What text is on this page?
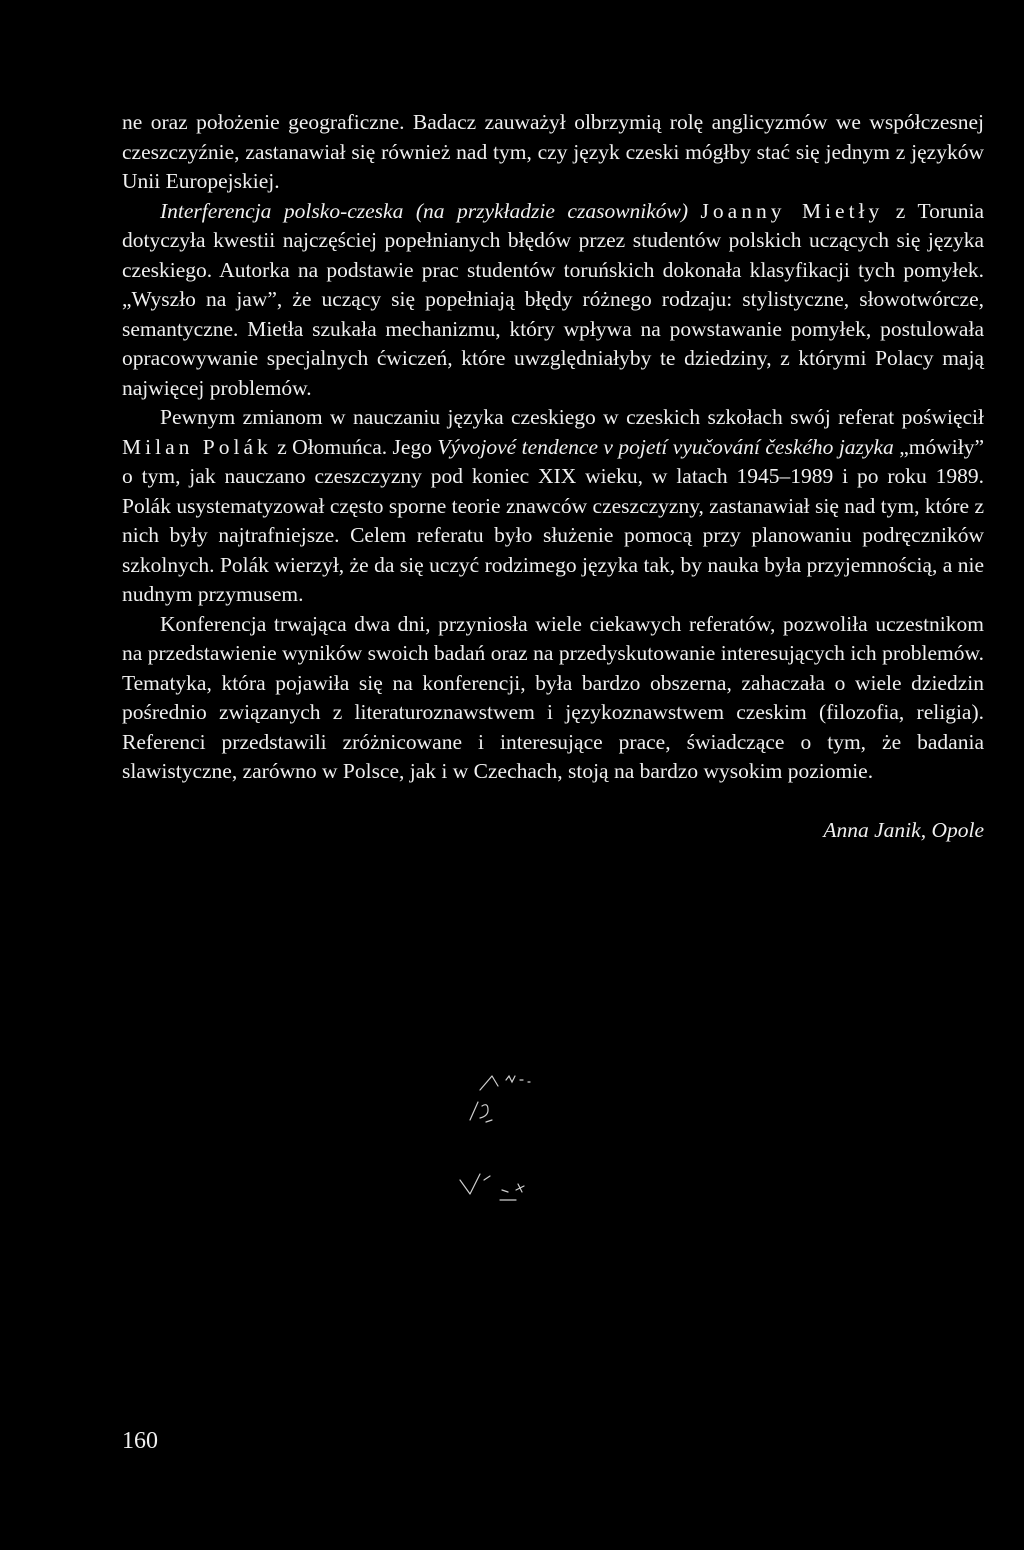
ne oraz położenie geograficzne. Badacz zauważył olbrzymią rolę anglicyzmów we współczesnej czeszczyźnie, zastanawiał się również nad tym, czy język czeski mógłby stać się jednym z języków Unii Europejskiej.

Interferencja polsko-czeska (na przykładzie czasowników) Joanny Mietły z Torunia dotyczyła kwestii najczęściej popełnianych błędów przez studentów polskich uczących się języka czeskiego. Autorka na podstawie prac studentów toruńskich dokonała klasyfikacji tych pomyłek. „Wyszło na jaw”, że uczący się popełniają błędy różnego rodzaju: stylistyczne, słowotwórcze, semantyczne. Mietła szukała mechanizmu, który wpływa na powstawanie pomyłek, postulowała opracowywanie specjalnych ćwiczeń, które uwzględniałyby te dziedziny, z którymi Polacy mają najwięcej problemów.

Pewnym zmianom w nauczaniu języka czeskiego w czeskich szkołach swój referat poświęcił Milan Polák z Ołomuńca. Jego Vývojové tendence v pojetí vyučování českého jazyka „mówiły” o tym, jak nauczano czeszczyzny pod koniec XIX wieku, w latach 1945–1989 i po roku 1989. Polák usystematyzował często sporne teorie znawców czeszczyzny, zastanawiał się nad tym, które z nich były najtrafniejsze. Celem referatu było służenie pomocą przy planowaniu podręczników szkolnych. Polák wierzył, że da się uczyć rodzimego języka tak, by nauka była przyjemnością, a nie nudnym przymusem.

Konferencja trwająca dwa dni, przyniosła wiele ciekawych referatów, pozwoliła uczestnikom na przedstawienie wyników swoich badań oraz na przedyskutowanie interesujących ich problemów. Tematyka, która pojawiła się na konferencji, była bardzo obszerna, zahaczała o wiele dziedzin pośrednio związanych z literaturoznawstwem i językoznawstwem czeskim (filozofia, religia). Referenci przedstawili zróżnicowane i interesujące prace, świadczące o tym, że badania slawistyczne, zarówno w Polsce, jak i w Czechach, stoją na bardzo wysokim poziomie.

Anna Janik, Opole
160
